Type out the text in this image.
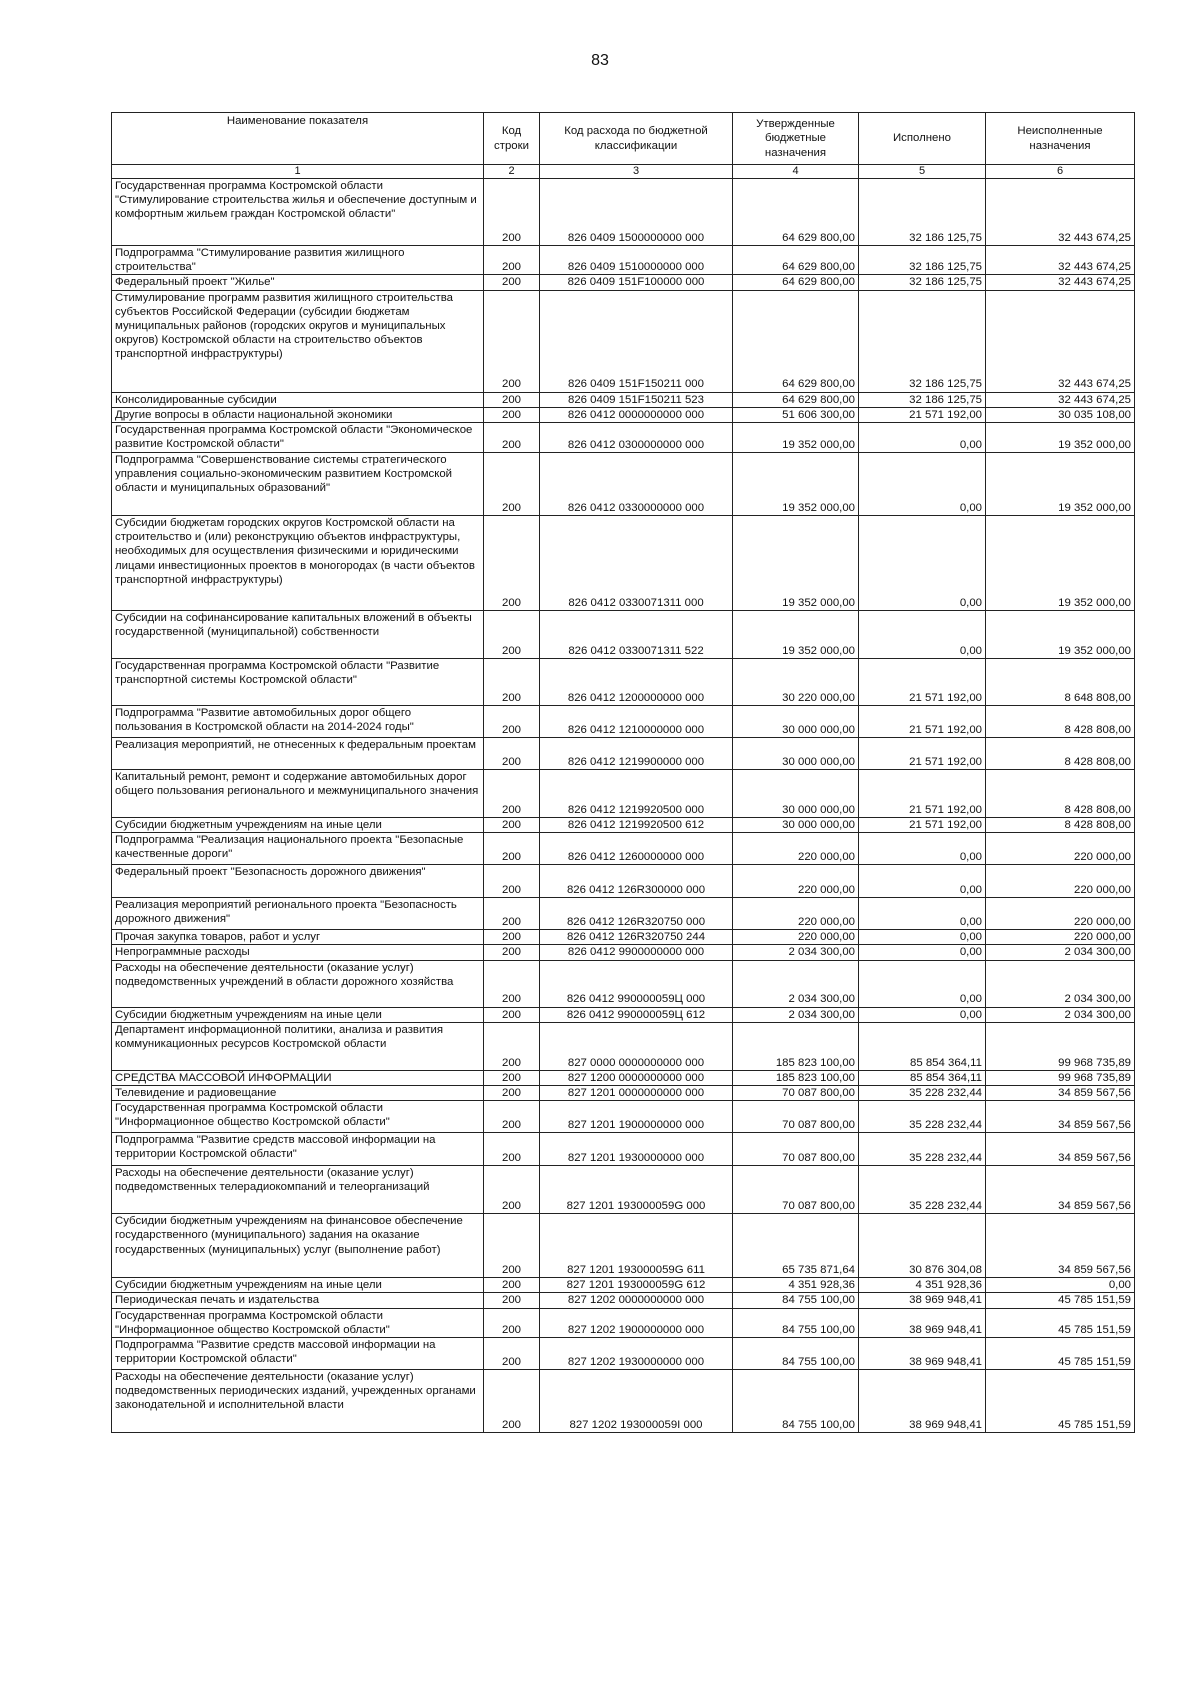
83
Наименование показателя	Код строки	Код расхода по бюджетной классификации	Утвержденные бюджетные назначения	Исполнено	Неисполненные назначения
1	2	3	4	5	6
Государственная программа Костромской области "Стимулирование строительства жилья и обеспечение доступным и комфортным жильем граждан Костромской области"	200	826 0409 1500000000 000	64 629 800,00	32 186 125,75	32 443 674,25
Подпрограмма "Стимулирование развития жилищного строительства"	200	826 0409 1510000000 000	64 629 800,00	32 186 125,75	32 443 674,25
Федеральный проект "Жилье"	200	826 0409 151F100000 000	64 629 800,00	32 186 125,75	32 443 674,25
Стимулирование программ развития жилищного строительства субъектов Российской Федерации (субсидии бюджетам муниципальных районов (городских округов и муниципальных округов) Костромской области на строительство объектов транспортной инфраструктуры)	200	826 0409 151F150211 000	64 629 800,00	32 186 125,75	32 443 674,25
Консолидированные субсидии	200	826 0409 151F150211 523	64 629 800,00	32 186 125,75	32 443 674,25
Другие вопросы в области национальной экономики	200	826 0412 0000000000 000	51 606 300,00	21 571 192,00	30 035 108,00
Государственная программа Костромской области "Экономическое развитие Костромской области"	200	826 0412 0300000000 000	19 352 000,00	0,00	19 352 000,00
Подпрограмма "Совершенствование системы стратегического управления социально-экономическим развитием Костромской области и муниципальных образований"	200	826 0412 0330000000 000	19 352 000,00	0,00	19 352 000,00
Субсидии бюджетам городских округов Костромской области на строительство и (или) реконструкцию объектов инфраструктуры, необходимых для осуществления физическими и юридическими лицами инвестиционных проектов в моногородах (в части объектов транспортной инфраструктуры)	200	826 0412 0330071311 000	19 352 000,00	0,00	19 352 000,00
Субсидии на софинансирование капитальных вложений в объекты государственной (муниципальной) собственности	200	826 0412 0330071311 522	19 352 000,00	0,00	19 352 000,00
Государственная программа Костромской области "Развитие транспортной системы Костромской области"	200	826 0412 1200000000 000	30 220 000,00	21 571 192,00	8 648 808,00
Подпрограмма "Развитие автомобильных дорог общего пользования в Костромской области на 2014-2024 годы"	200	826 0412 1210000000 000	30 000 000,00	21 571 192,00	8 428 808,00
Реализация мероприятий, не отнесенных к федеральным проектам	200	826 0412 1219900000 000	30 000 000,00	21 571 192,00	8 428 808,00
Капитальный ремонт, ремонт и содержание автомобильных дорог общего пользования регионального и межмуниципального значения	200	826 0412 1219920500 000	30 000 000,00	21 571 192,00	8 428 808,00
Субсидии бюджетным учреждениям на иные цели	200	826 0412 1219920500 612	30 000 000,00	21 571 192,00	8 428 808,00
Подпрограмма "Реализация национального проекта "Безопасные качественные дороги"	200	826 0412 1260000000 000	220 000,00	0,00	220 000,00
Федеральный проект "Безопасность дорожного движения"	200	826 0412 126R300000 000	220 000,00	0,00	220 000,00
Реализация мероприятий регионального проекта "Безопасность дорожного движения"	200	826 0412 126R320750 000	220 000,00	0,00	220 000,00
Прочая закупка товаров, работ и услуг	200	826 0412 126R320750 244	220 000,00	0,00	220 000,00
Непрограммные расходы	200	826 0412 9900000000 000	2 034 300,00	0,00	2 034 300,00
Расходы на обеспечение деятельности (оказание услуг) подведомственных учреждений в области дорожного хозяйства	200	826 0412 990000059Ц 000	2 034 300,00	0,00	2 034 300,00
Субсидии бюджетным учреждениям на иные цели	200	826 0412 990000059Ц 612	2 034 300,00	0,00	2 034 300,00
Департамент информационной политики, анализа и развития коммуникационных ресурсов Костромской области	200	827 0000 0000000000 000	185 823 100,00	85 854 364,11	99 968 735,89
СРЕДСТВА МАССОВОЙ ИНФОРМАЦИИ	200	827 1200 0000000000 000	185 823 100,00	85 854 364,11	99 968 735,89
Телевидение и радиовещание	200	827 1201 0000000000 000	70 087 800,00	35 228 232,44	34 859 567,56
Государственная программа Костромской области "Информационное общество Костромской области"	200	827 1201 1900000000 000	70 087 800,00	35 228 232,44	34 859 567,56
Подпрограмма "Развитие средств массовой информации на территории Костромской области"	200	827 1201 1930000000 000	70 087 800,00	35 228 232,44	34 859 567,56
Расходы на обеспечение деятельности (оказание услуг) подведомственных телерадиокомпаний и телеорганизаций	200	827 1201 193000059G 000	70 087 800,00	35 228 232,44	34 859 567,56
Субсидии бюджетным учреждениям на финансовое обеспечение государственного (муниципального) задания на оказание государственных (муниципальных) услуг (выполнение работ)	200	827 1201 193000059G 611	65 735 871,64	30 876 304,08	34 859 567,56
Субсидии бюджетным учреждениям на иные цели	200	827 1201 193000059G 612	4 351 928,36	4 351 928,36	0,00
Периодическая печать и издательства	200	827 1202 0000000000 000	84 755 100,00	38 969 948,41	45 785 151,59
Государственная программа Костромской области "Информационное общество Костромской области"	200	827 1202 1900000000 000	84 755 100,00	38 969 948,41	45 785 151,59
Подпрограмма "Развитие средств массовой информации на территории Костромской области"	200	827 1202 1930000000 000	84 755 100,00	38 969 948,41	45 785 151,59
Расходы на обеспечение деятельности (оказание услуг) подведомственных периодических изданий, учрежденных органами законодательной и исполнительной власти	200	827 1202 193000059I 000	84 755 100,00	38 969 948,41	45 785 151,59
